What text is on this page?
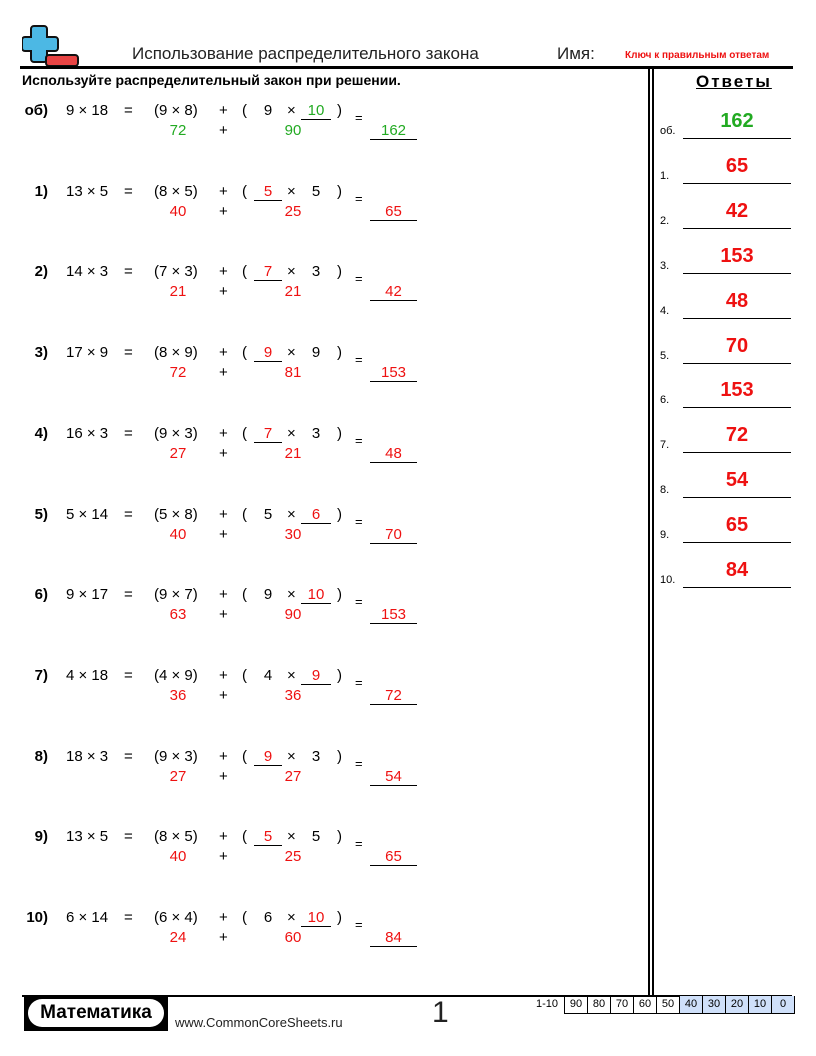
Использование распределительного закона	Имя:	Ключ к правильным ответам
Используйте распределительный закон при решении.	Ответы
об) 9 × 18 = (9 × 8) + (	9 × 10 ) =
72	+	90	162
1) 13 × 5 = (8 × 5) + (	5 ×	5	) =
40	+	25	65
2) 14 × 3 = (7 × 3) + (	7 ×	3	) =
21	+	21	42
3) 17 × 9 = (8 × 9) + (	9 ×	9	) =
72	+	81	153
4) 16 × 3 = (9 × 3) + (	7 ×	3	) =
27	+	21	48
5) 5 × 14 = (5 × 8) + (	5 ×	6	) =
40	+	30	70
6) 9 × 17 = (9 × 7) + (	9 × 10 ) =
63	+	90	153
7) 4 × 18 = (4 × 9) + (	4 ×	9	) =
36	+	36	72
8) 18 × 3 = (9 × 3) + (	9 ×	3	) =
27	+	27	54
9) 13 × 5 = (8 × 5) + (	5 ×	5	) =
40	+	25	65
10) 6 × 14 = (6 × 4) + (	6 × 10 ) =
24	+	60	84
об.	162
1.	65
2.	42
3.	153
4.	48
5.	70
6.	153
7.	72
8.	54
9.	65
10.	84
Математика	www.CommonCoreSheets.ru	1	1-10	90 80 70 60 50 40 30 20 10	0
